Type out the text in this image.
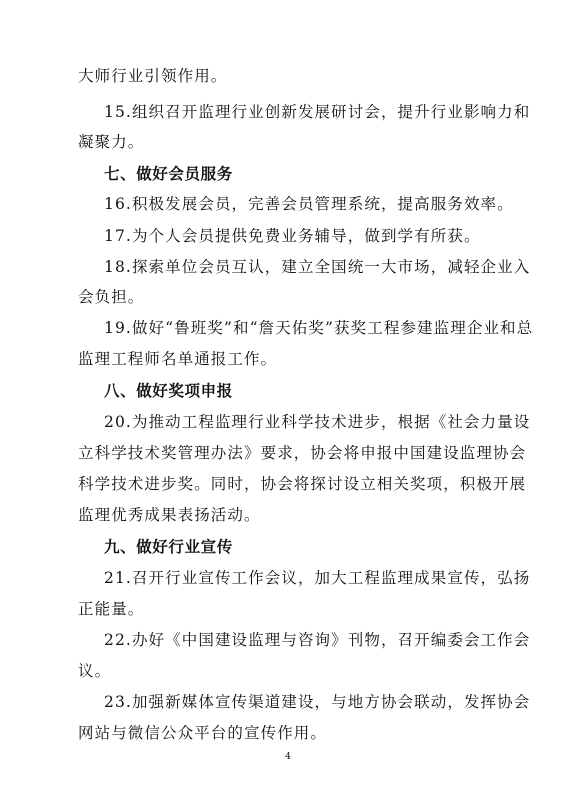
大师行业引领作用。
15.组织召开监理行业创新发展研讨会，提升行业影响力和
凝聚力。
七、做好会员服务
16.积极发展会员，完善会员管理系统，提高服务效率。
17.为个人会员提供免费业务辅导，做到学有所获。
18.探索单位会员互认，建立全国统一大市场，减轻企业入
会负担。
19.做好“鲁班奖”和“詹天佑奖”获奖工程参建监理企业和总
监理工程师名单通报工作。
八、做好奖项申报
20.为推动工程监理行业科学技术进步，根据《社会力量设
立科学技术奖管理办法》要求，协会将申报中国建设监理协会
科学技术进步奖。同时，协会将探讨设立相关奖项，积极开展
监理优秀成果表扬活动。
九、做好行业宣传
21.召开行业宣传工作会议，加大工程监理成果宣传，弘扬
正能量。
22.办好《中国建设监理与咨询》刊物，召开编委会工作会
议。
23.加强新媒体宣传渠道建设，与地方协会联动，发挥协会
网站与微信公众平台的宣传作用。
4
